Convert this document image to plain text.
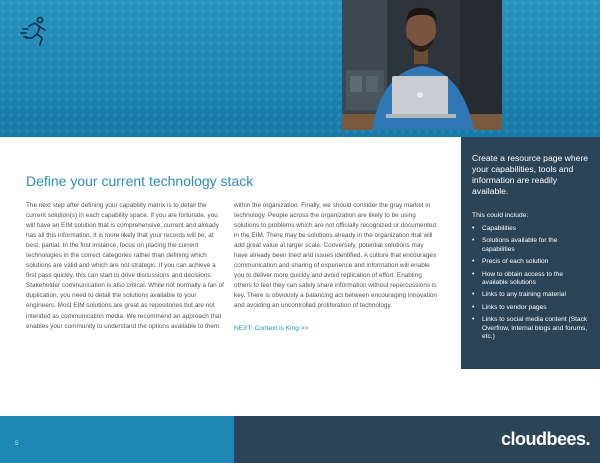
Create a resource page where your capabilities, tools and information are readily available.

This could include:

• Capabilities
• Solutions available for the capabilities
• Precis of each solution
• How to obtain access to the available solutions
• Links to any training material
• Links to vendor pages
• Links to social media content (Stack Overflow, internal blogs and forums, etc.)
Define your current technology stack

The next step after defining your capability matrix is to detail the current solution(s) in each capability space. If you are fortunate, you will have an EIM solution that is comprehensive, current and already has all this information. It is more likely that your records will be, at best, partial. In the first instance, focus on placing the current technologies in the correct categories rather than defining which solutions are valid and which are not strategic. If you can achieve a first pass quickly, this can start to drive discussions and decisions. Stakeholder communication is also critical. While not normally a fan of duplication, you need to detail the solutions available to your engineers. Most EIM solutions are great as repositories but are not intended as communication media. We recommend an approach that enables your community to understand the options available to them

within the organization. Finally, we should consider the gray market in technology. People across the organization are likely to be using solutions to problems which are not officially recognized or documented in the EIM. There may be solutions already in the organization that will add great value at larger scale. Conversely, potential solutions may have already been tried and issues identified. A culture that encourages communication and sharing of experience and information will enable you to deliver more quickly and avoid replication of effort. Enabling others to feel they can safely share information without repercussions is key. There is obviously a balancing act between encouraging innovation and avoiding an uncontrolled proliferation of technology.

NEXT: Context is King >>

5	cloudbees.
